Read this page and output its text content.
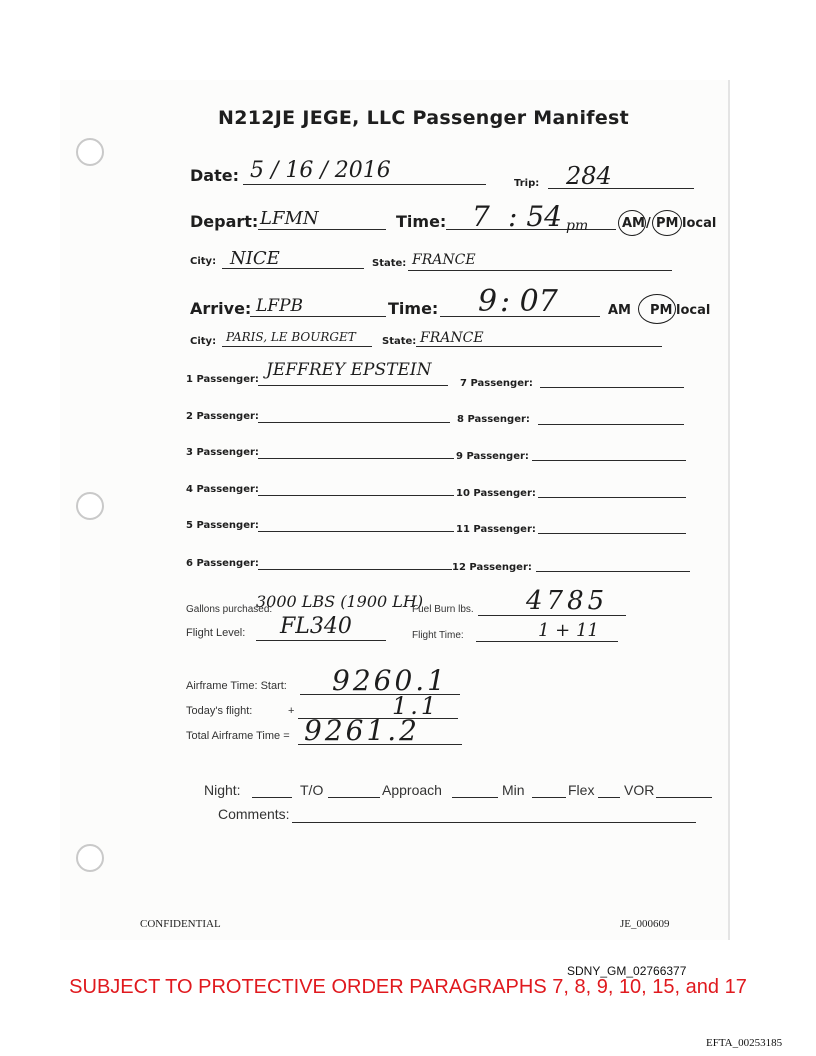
N212JE JEGE, LLC Passenger Manifest
Date: 5 / 16 / 2016
Trip: 284
Depart: LFMN	Time: 7 : 54 pm	AM / PM local
City: NICE	State: FRANCE
Arrive: LFPB	Time: 9 : 07	AM PM local
City: PARIS, LE BOURGET	State: FRANCE
1 Passenger: JEFFREY EPSTEIN
7 Passenger:
2 Passenger:	8 Passenger:
3 Passenger:	9 Passenger:
4 Passenger:	10 Passenger:
5 Passenger:	11 Passenger:
6 Passenger:	12 Passenger:
Gallons purchased:
3000 LBS (1900 LH)
Fuel Burn lbs. 4785
Flight Level: FL340	Flight Time:	1 + 11
Airframe Time: Start: 9260.1
Today's flight:	+	1.1
Total Airframe Time = 9261.2
Night:	T/O	Approach	Min	Flex VOR
Comments:
CONFIDENTIAL	JE_000609
SDNY_GM_02766377
SUBJECT TO PROTECTIVE ORDER PARAGRAPHS 7, 8, 9, 10, 15, and 17
EFTA_00253185
